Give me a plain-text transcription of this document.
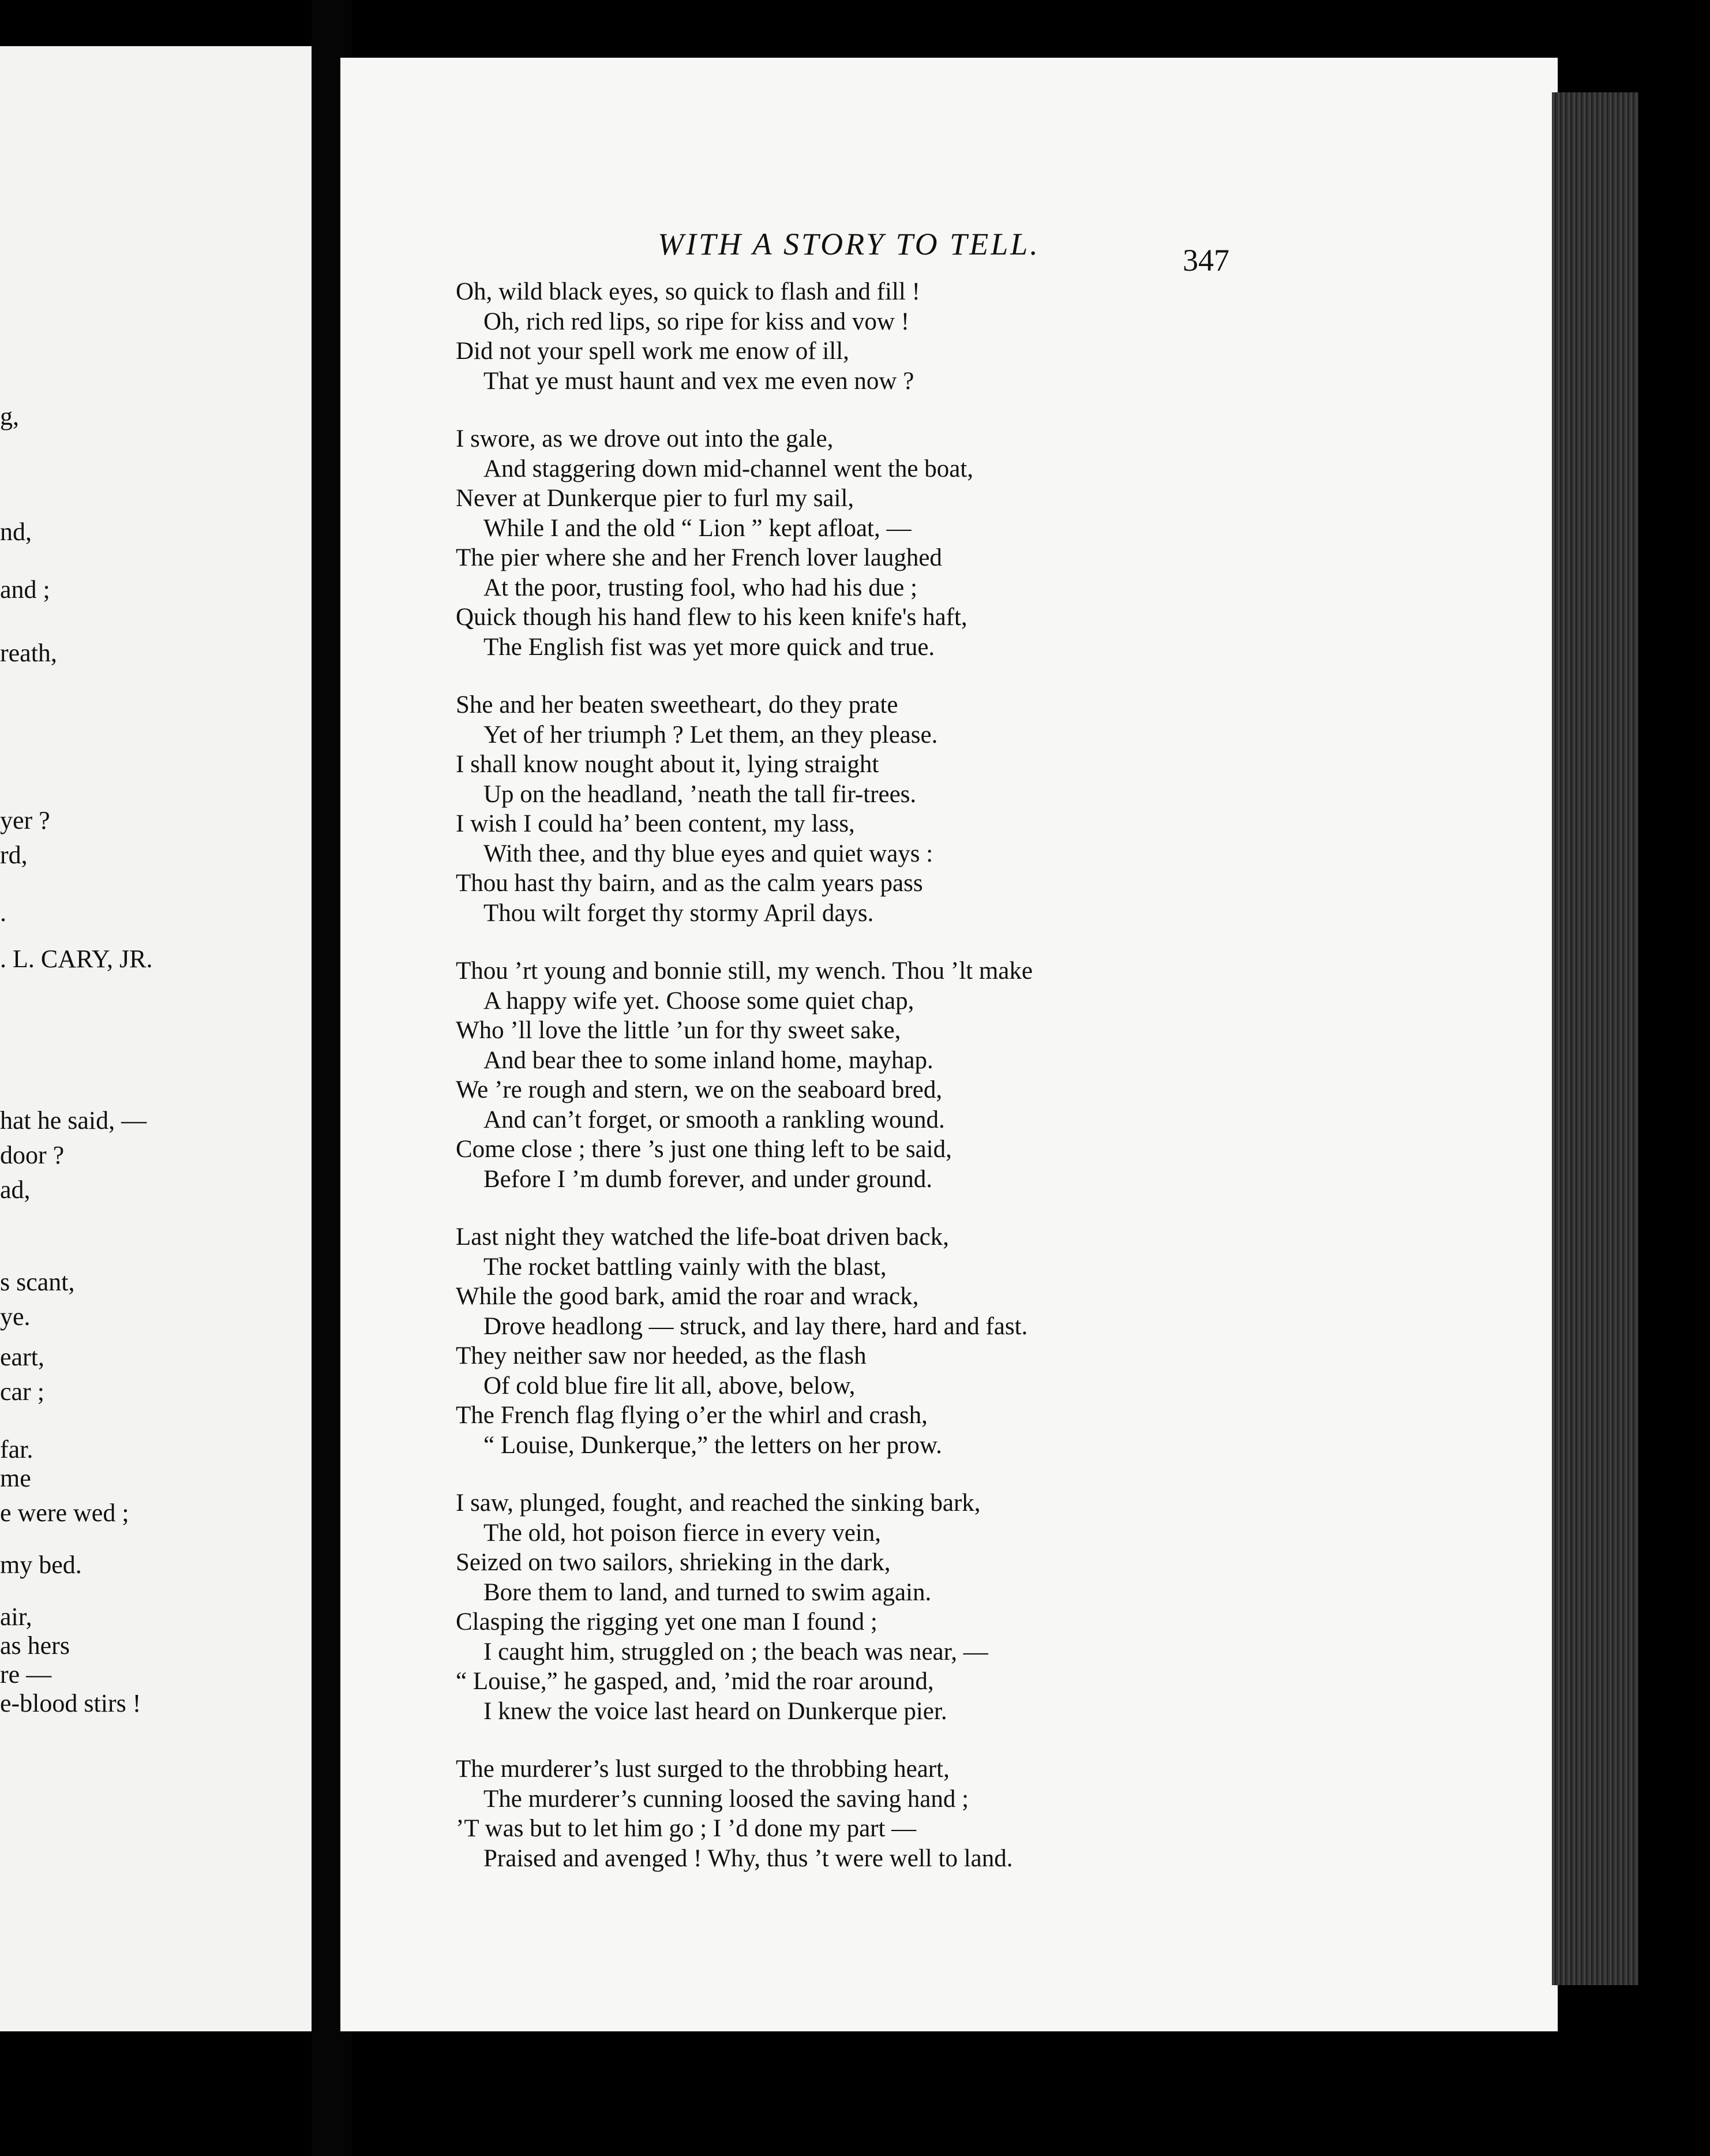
g,
nd,
and ;
reath,
yer ?
rd,
.
. L. CARY, JR.
hat he said, —
door ?
ad,
s scant,
ye.
eart,
car ;
far.
me
e were wed ;
my bed.
air,
as hers
re —
e-blood stirs !
WITH A STORY TO TELL.	347
Oh, wild black eyes, so quick to flash and fill !
Oh, rich red lips, so ripe for kiss and vow !
Did not your spell work me enow of ill,
That ye must haunt and vex me even now ?
I swore, as we drove out into the gale,
And staggering down mid-channel went the boat,
Never at Dunkerque pier to furl my sail,
While I and the old “ Lion ” kept afloat, —
The pier where she and her French lover laughed
At the poor, trusting fool, who had his due ;
Quick though his hand flew to his keen knife's haft,
The English fist was yet more quick and true.
She and her beaten sweetheart, do they prate
Yet of her triumph ? Let them, an they please.
I shall know nought about it, lying straight
Up on the headland, ’neath the tall fir-trees.
I wish I could ha’ been content, my lass,
With thee, and thy blue eyes and quiet ways :
Thou hast thy bairn, and as the calm years pass
Thou wilt forget thy stormy April days.
Thou ’rt young and bonnie still, my wench. Thou ’lt make
A happy wife yet. Choose some quiet chap,
Who ’ll love the little ’un for thy sweet sake,
And bear thee to some inland home, mayhap.
We ’re rough and stern, we on the seaboard bred,
And can’t forget, or smooth a rankling wound.
Come close ; there ’s just one thing left to be said,
Before I ’m dumb forever, and under ground.
Last night they watched the life-boat driven back,
The rocket battling vainly with the blast,
While the good bark, amid the roar and wrack,
Drove headlong — struck, and lay there, hard and fast.
They neither saw nor heeded, as the flash
Of cold blue fire lit all, above, below,
The French flag flying o’er the whirl and crash,
“ Louise, Dunkerque,” the letters on her prow.
I saw, plunged, fought, and reached the sinking bark,
The old, hot poison fierce in every vein,
Seized on two sailors, shrieking in the dark,
Bore them to land, and turned to swim again.
Clasping the rigging yet one man I found ;
I caught him, struggled on ; the beach was near, —
“ Louise,” he gasped, and, ’mid the roar around,
I knew the voice last heard on Dunkerque pier.
The murderer’s lust surged to the throbbing heart,
The murderer’s cunning loosed the saving hand ;
’T was but to let him go ; I ’d done my part —
Praised and avenged ! Why, thus ’t were well to land.
